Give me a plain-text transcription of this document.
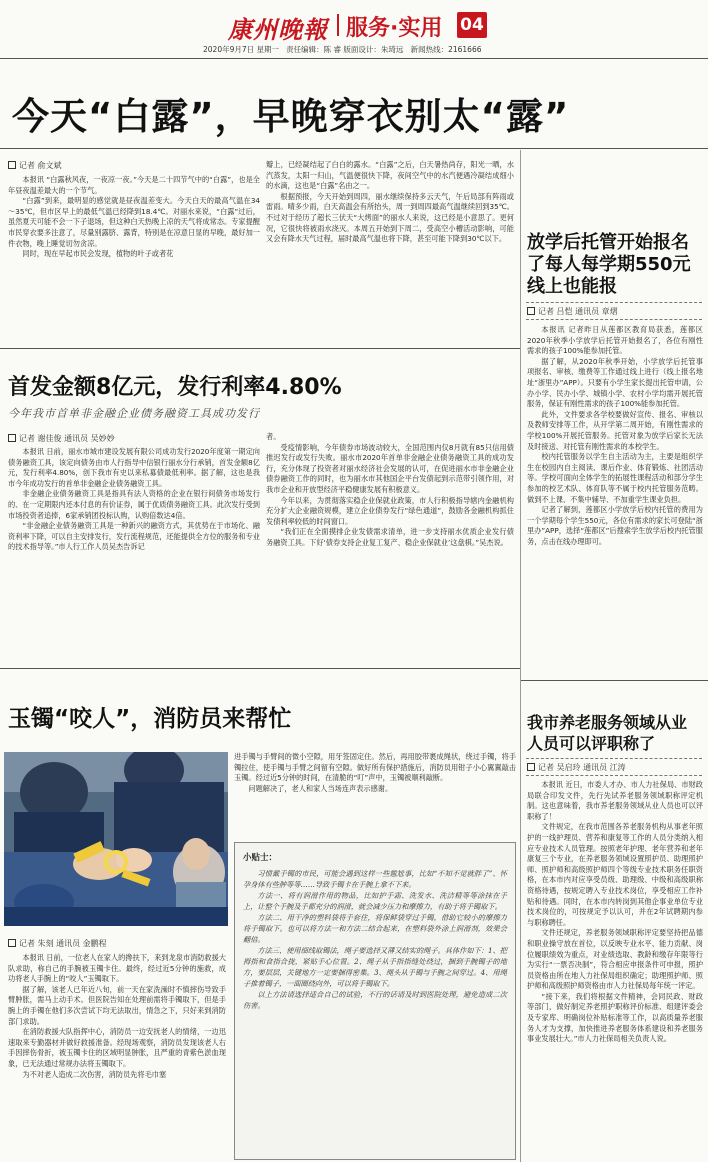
康州晚報 服务·实用 04
2020年9月7日 星期一   责任编辑：陈 睿 版面设计：朱琦远   新闻热线：2161666
今天“白露”，早晚穿衣别太“露”
记者 俞文斌

本报讯 “白露秋风夜，一夜凉一夜。”今天是二十四节气中的“白露”，也是全年昼夜温差最大的一个节气。

“白露”到来，最明显的感觉就是昼夜温差变大。今天白天的最高气温在34～35℃，但市区早上的最低气温已经降到18.4℃。对丽水来说，“白露”过后，虽然夏天可能不会一下子退场，但这种白天热晚上凉的天气将成常态。专家提醒市民穿衣要多注意了，尽量别露脐、露背，特别是在凉意日显的早晚，最好加一件衣物，晚上睡觉切勿贪凉。

同时，现在早起市民会发现，植物的叶子或者花

瓣上，已经凝结起了白白的露水。“白露”之后，白天暑热尚存，阳光一晒，水汽蒸发，太阳一归山，气温便很快下降，夜间空气中的水汽便遇冷凝结成细小的水滴，这也是“白露”名由之一。

根据预报，今天开始到周四，丽水继续保持多云天气，午后局部有阵雨或雷雨。晴多少雨，白天高温会有所抬头，周一到周四最高气温继续回到35℃。不过对于经历了超长三伏天“大烤面”的丽水人来说，这已经是小意思了。更何况，它很快将被雨水浇灭。本周五开始到下周二，受高空小槽活动影响，可能又会有降水天气过程，届时最高气温也将下降，甚至可能下降到30℃以下。

首发金额8亿元，发行利率4.80%
今年我市首单非金融企业债务融资工具成功发行
记者 谢佳俊 通讯员 吴妙妙

本报讯 日前，丽水市城市建设发展有限公司成功发行2020年度第一期定向债务融资工具，该定向债务由市人行指导中信银行丽水分行承销，首发金额8亿元，发行利率4.80%，创下我市有史以来私募债最低利率。据了解，这也是我市今年成功发行的首单非金融企业债务融资工具。

非金融企业债务融资工具是指具有法人资格的企业在银行间债务市场发行的、在一定期限内还本付息的有价证券，属于优质债务融资工具。此次发行受到市场投资者追捧，6家承销团投标认购，认购倍数达4倍。

“非金融企业债务融资工具是一种新兴的融资方式，其优势在于市场化、融资利率下降，可以自主安排发行，发行流程规范，还能提供全方位的服务和专业的技术指导等。”市人行工作人员吴杰告诉记

者。

受疫情影响，今年债券市场波动较大，全国范围内仅8月就有85只信用债推迟发行或发行失败。丽水市2020年首单非金融企业债务融资工具的成功发行，充分体现了投资者对丽水经济社会发展的认可，在促进丽水市非金融企业债券融资工作的同时，也为丽水市其他国企平台发债起到示范带引领作用，对我市企业和开放型经济平稳健康发展有积极意义。

今年以来，为贯彻落实稳企业保就业政策，市人行积极指导辖内金融机构充分扩大企业融资规模，建立企业债券发行“绿色通道”，鼓励各金融机构抓住发债利率较低的时间窗口。

“我们正在全面摸排企业发债需求清单，进一步支持丽水优质企业发行债务融资工具。下好‘债券支持企业复工复产、稳企业保就业’这盘棋。”吴杰说。

玉镯“咬人”，消防员来帮忙
记者 朱刻 通讯员 金鹏程

本报讯 日前，一位老人在家人的搀扶下，来到龙泉市消防救援大队求助，称自己的手腕被玉镯卡住。最终，经过近5分钟的施救，成功将老人手腕上的“咬人”玉镯取下。

据了解，该老人已年近八旬，前一天在家洗澡时不慎摔伤导致手臂肿胀，需马上动手术。但医院告知在处理前需将手镯取下，但是手腕上的手镯在他们多次尝试下均无法取出，情急之下，只好来到消防部门求助。

在消防救援大队指挥中心，消防员一边安抚老人的情绪，一边迅速取来专勤器材并做好救援准备。经现场观察，消防员发现该老人右手因摔伤骨折，被玉镯卡住的区域明显肿胀，且严重的青紫色淤血现象，已无法通过常规办法将玉镯取下。

为不对老人造成二次伤害，消防员先将毛巾塞

进手镯与手臂间的微小空隙，用牙签固定住。然后，再用胶带裹成绳状，绕过手镯，将手镯拉住，使手镯与手臂之间留有空隙。做好所有保护措施后，消防员用钳子小心翼翼敲击玉镯。经过近5分钟的时间，在清脆的“叮”声中，玉镯被顺利敲断。

问题解决了，老人和家人当场连声表示感谢。

小贴士：

习惯戴手镯的市民，可能会遇到这样一些尴尬事，比如“不知不觉就胖了”、怀孕身体有些肿等等……导致手镯卡在手腕上拿不下来。

方法一、将有润滑作用的物品，比如护手霜、洗发水、洗洁精等等涂抹在手上，让整个手腕及手都充分的润滑，就会减少压力和摩擦力，有助于将手镯取下。

方法二、用干净的塑料袋将手套住，将保鲜袋穿过手镯，借助它较小的摩擦力将手镯取下。也可以将方法一和方法二结合起来，在塑料袋外涂上润滑剂，效果会翻倍。

方法三、使用细线取镯法，绳子要选择又薄又结实的绳子。具体作如下：1、把拇指和食指合拢，紧贴手心位置。2、绳子从手指指缝处绕过，捆到手腕镯子的地方，要层层，关键地方一定要捆得密集。3、绳头从手镯与手腕之间穿过。4、用绳子推着镯子，一面圈绕向外，可以将手镯取下。

以上方法请选择适合自己的试验，不行的话请及时到医院处理，避免造成二次伤害。

放学后托管开始报名了每人每学期550元线上也能报
记者 吕恺 通讯员 章熠

本报讯 记者昨日从莲都区教育局获悉，莲都区2020年秋季小学放学后托管开始报名了，各位有刚性需求的孩子100%能参加托管。

据了解，从2020年秋季开始，小学放学后托管事项报名、审核、缴费等工作通过线上进行（线上报名地址“浙里办”APP）。只要有小学生家长提出托管申请，公办小学、民办小学、城镇小学、农村小学均需开展托管服务，保证有刚性需求的孩子100%能参加托管。

此外，文件要求各学校要做好宣传、报名、审核以及教师安排等工作，从开学第二周开始，有刚性需求的学校100%开展托管服务。托管对象为放学后家长无法及时接送、对托管有刚性需求的本校学生。

校内托管服务以学生自主活动为主，主要是组织学生在校园内自主阅读、课后作业、体育锻炼、社团活动等。学校可面向全体学生的拓展性课程活动和部分学生参加的校艺术队、体育队等不属于校内托管服务范畴。做到不上课、不集中辅导、不加重学生课业负担。

记者了解到，莲都区小学放学后校内托管的费用为一个学期每个学生550元，各位有需求的家长可登陆“浙里办”APP，选择“莲都区”后搜索学生放学后校内托管服务，点击在线办理即可。

我市养老服务领域从业人员可以评职称了
记者 吴启玲 通讯员 江涛

本报讯 近日，市委人才办、市人力社保局、市财政局联合印发文件，先行先试养老服务领域职称评定机制。这也意味着，我市养老服务领域从业人员也可以评职称了！

文件规定，在我市范围各养老服务机构从事老年照护的一线护理员、营养和康复等工作的人员分类纳入相应专业技术人员管理。按照老年护理、老年营养和老年康复三个专业，在养老服务领域设置照护员、助理照护师、照护师和高级照护师四个等级专业技术职务任职资格，在本市内对应享受员级、助理级、中级和高级职称资格待遇，按规定聘入专业技术岗位，享受相应工作补贴和待遇。同时，在本市内转岗到其他企事业单位专业技术岗位的，可按规定予以认可，并在2年试聘期内参与职称聘任。

文件还规定，养老服务领域职称评定要坚持把品德和职业操守放在首位，以反映专业水平、能力贡献、岗位履职绩效为重点，对业绩选取、教龄和缴存年限等行为实行“一票否决制”，符合相应申报条件可申报，照护员资格由所在地人力社保局组织确定；助理照护师、照护师和高级照护师资格由市人力社保局每年统一评定。

“接下来，我们将根据文件精神，会同民政、财政等部门，做好制定养老照护职称评价标准、组建评委会及专家库、明确岗位补贴标准等工作，以高质量养老服务人才为支撑，加快推进养老服务体系建设和养老服务事业发展壮大。”市人力社保局相关负责人说。
